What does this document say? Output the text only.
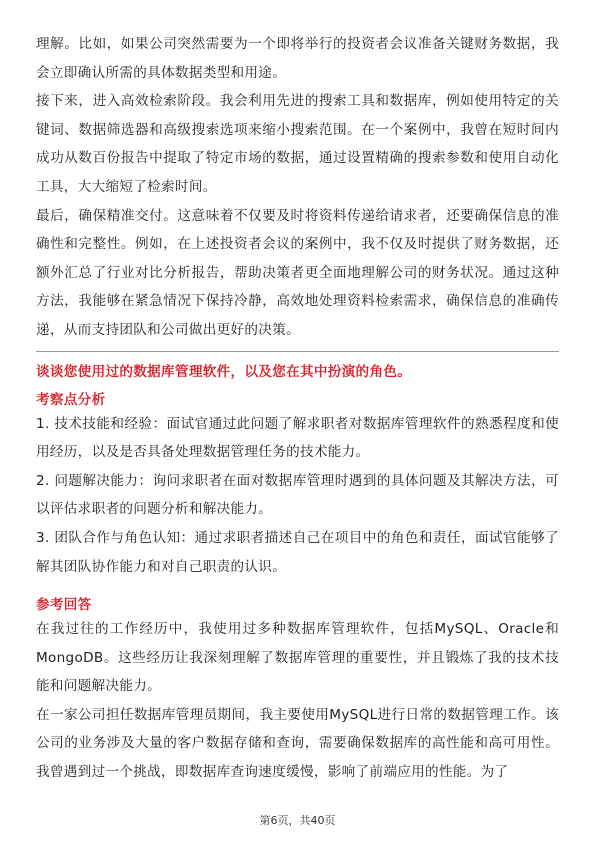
理解。比如，如果公司突然需要为一个即将举行的投资者会议准备关键财务数据，我会立即确认所需的具体数据类型和用途。

接下来，进入高效检索阶段。我会利用先进的搜索工具和数据库，例如使用特定的关键词、数据筛选器和高级搜索选项来缩小搜索范围。在一个案例中，我曾在短时间内成功从数百份报告中提取了特定市场的数据，通过设置精确的搜索参数和使用自动化工具，大大缩短了检索时间。

最后，确保精准交付。这意味着不仅要及时将资料传递给请求者，还要确保信息的准确性和完整性。例如，在上述投资者会议的案例中，我不仅及时提供了财务数据，还额外汇总了行业对比分析报告，帮助决策者更全面地理解公司的财务状况。通过这种方法，我能够在紧急情况下保持冷静，高效地处理资料检索需求，确保信息的准确传递，从而支持团队和公司做出更好的决策。

谈谈您使用过的数据库管理软件，以及您在其中扮演的角色。
考察点分析

1. 技术技能和经验：面试官通过此问题了解求职者对数据库管理软件的熟悉程度和使用经历，以及是否具备处理数据管理任务的技术能力。

2. 问题解决能力：询问求职者在面对数据库管理时遇到的具体问题及其解决方法，可以评估求职者的问题分析和解决能力。

3. 团队合作与角色认知：通过求职者描述自己在项目中的角色和责任，面试官能够了解其团队协作能力和对自己职责的认识。

参考回答

在我过往的工作经历中，我使用过多种数据库管理软件，包括MySQL、Oracle和MongoDB。这些经历让我深刻理解了数据库管理的重要性，并且锻炼了我的技术技能和问题解决能力。

在一家公司担任数据库管理员期间，我主要使用MySQL进行日常的数据管理工作。该公司的业务涉及大量的客户数据存储和查询，需要确保数据库的高性能和高可用性。我曾遇到过一个挑战，即数据库查询速度缓慢，影响了前端应用的性能。为了

第6页，共40页
